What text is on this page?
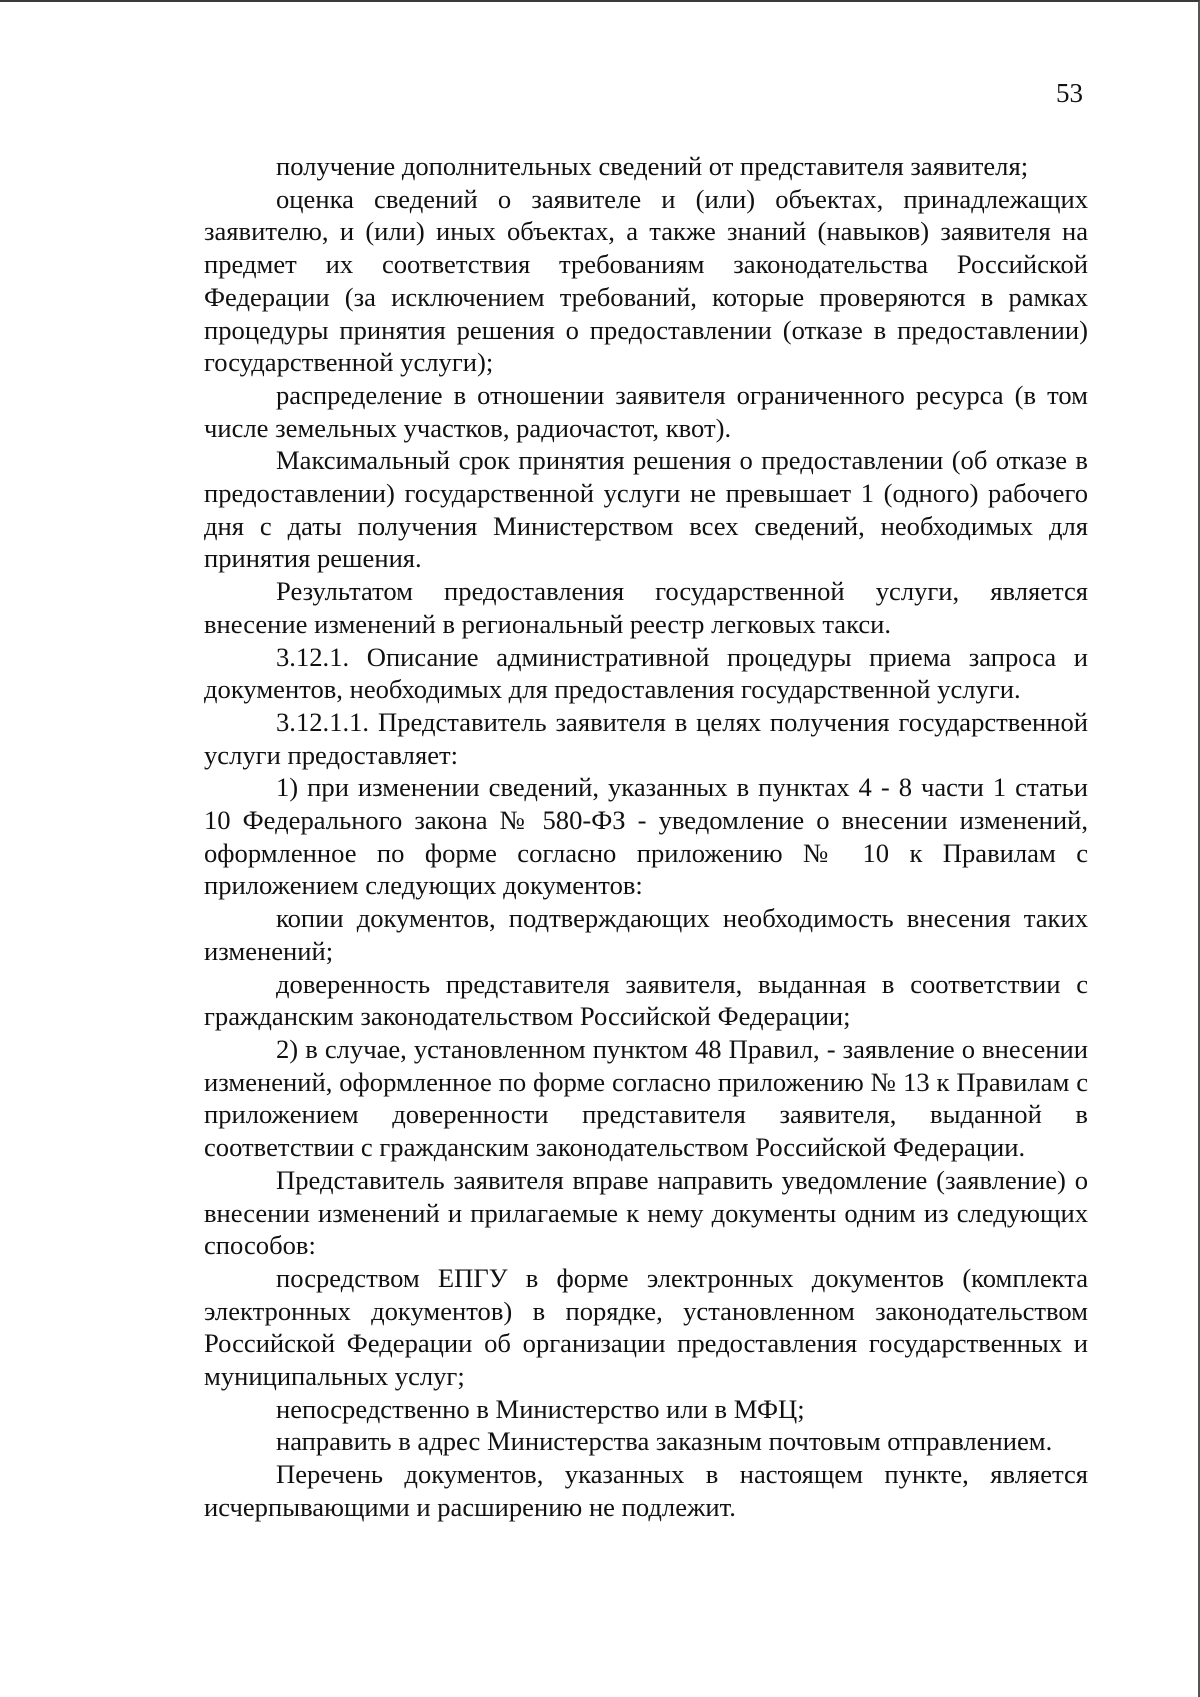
53

получение дополнительных сведений от представителя заявителя;

оценка сведений о заявителе и (или) объектах, принадлежащих заявителю, и (или) иных объектах, а также знаний (навыков) заявителя на предмет их соответствия требованиям законодательства Российской Федерации (за исключением требований, которые проверяются в рамках процедуры принятия решения о предоставлении (отказе в предоставлении) государственной услуги);

распределение в отношении заявителя ограниченного ресурса (в том числе земельных участков, радиочастот, квот).

Максимальный срок принятия решения о предоставлении (об отказе в предоставлении) государственной услуги не превышает 1 (одного) рабочего дня с даты получения Министерством всех сведений, необходимых для принятия решения.

Результатом предоставления государственной услуги, является внесение изменений в региональный реестр легковых такси.

3.12.1. Описание административной процедуры приема запроса и документов, необходимых для предоставления государственной услуги.

3.12.1.1. Представитель заявителя в целях получения государственной услуги предоставляет:

1) при изменении сведений, указанных в пунктах 4 - 8 части 1 статьи 10 Федерального закона № 580-ФЗ - уведомление о внесении изменений, оформленное по форме согласно приложению № 10 к Правилам с приложением следующих документов:

копии документов, подтверждающих необходимость внесения таких изменений;

доверенность представителя заявителя, выданная в соответствии с гражданским законодательством Российской Федерации;

2) в случае, установленном пунктом 48 Правил, - заявление о внесении изменений, оформленное по форме согласно приложению № 13 к Правилам с приложением доверенности представителя заявителя, выданной в соответствии с гражданским законодательством Российской Федерации.

Представитель заявителя вправе направить уведомление (заявление) о внесении изменений и прилагаемые к нему документы одним из следующих способов:

посредством ЕПГУ в форме электронных документов (комплекта электронных документов) в порядке, установленном законодательством Российской Федерации об организации предоставления государственных и муниципальных услуг;

непосредственно в Министерство или в МФЦ;

направить в адрес Министерства заказным почтовым отправлением.

Перечень документов, указанных в настоящем пункте, является исчерпывающими и расширению не подлежит.
